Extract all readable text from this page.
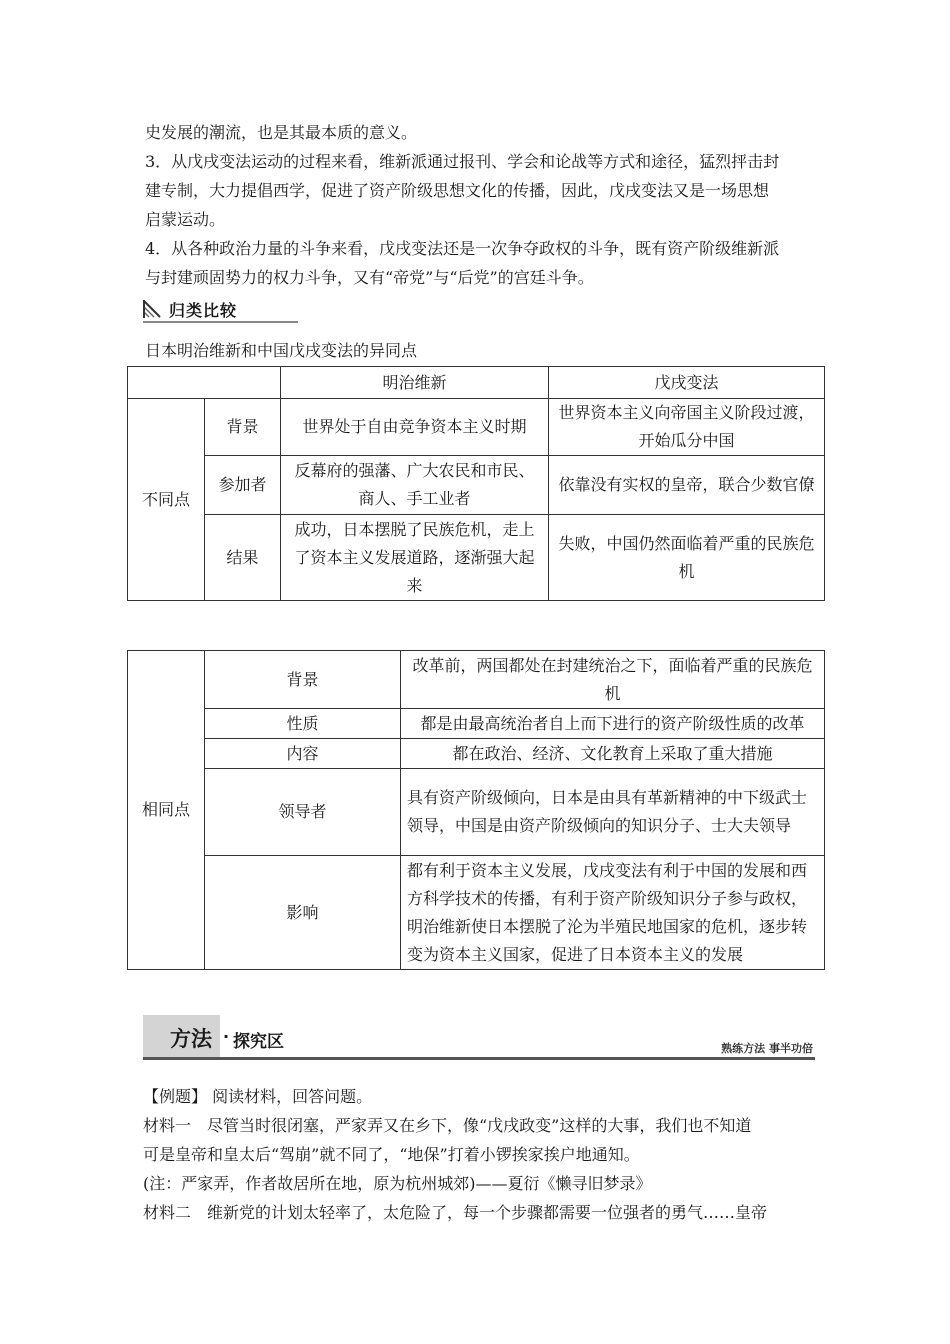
史发展的潮流，也是其最本质的意义。
3．从戊戌变法运动的过程来看，维新派通过报刊、学会和论战等方式和途径，猛烈抨击封
建专制，大力提倡西学，促进了资产阶级思想文化的传播，因此，戊戌变法又是一场思想
启蒙运动。
4．从各种政治力量的斗争来看，戊戌变法还是一次争夺政权的斗争，既有资产阶级维新派
与封建顽固势力的权力斗争，又有“帝党”与“后党”的宫廷斗争。
归类比较
日本明治维新和中国戊戌变法的异同点
		明治维新	戊戌变法
不同点	背景	世界处于自由竞争资本主义时期	世界资本主义向帝国主义阶段过渡，开始瓜分中国
	参加者	反幕府的强藩、广大农民和市民、商人、手工业者	依靠没有实权的皇帝，联合少数官僚
	结果	成功，日本摆脱了民族危机，走上了资本主义发展道路，逐渐强大起来	失败，中国仍然面临着严重的民族危机
相同点	背景	改革前，两国都处在封建统治之下，面临着严重的民族危机
	性质	都是由最高统治者自上而下进行的资产阶级性质的改革
	内容	都在政治、经济、文化教育上采取了重大措施
	领导者	具有资产阶级倾向，日本是由具有革新精神的中下级武士领导，中国是由资产阶级倾向的知识分子、士大夫领导
	影响	都有利于资本主义发展，戊戌变法有利于中国的发展和西方科学技术的传播，有利于资产阶级知识分子参与政权，明治维新使日本摆脱了沦为半殖民地国家的危机，逐步转变为资本主义国家，促进了日本资本主义的发展
方法 · 探究区	熟练方法 事半功倍
【例题】 阅读材料，回答问题。
材料一　尽管当时很闭塞，严家弄又在乡下，像“戊戌政变”这样的大事，我们也不知道
可是皇帝和皇太后“驾崩”就不同了，“地保”打着小锣挨家挨户地通知。
(注：严家弄，作者故居所在地，原为杭州城郊)——夏衍《懒寻旧梦录》
材料二　维新党的计划太轻率了，太危险了，每一个步骤都需要一位强者的勇气……皇帝
